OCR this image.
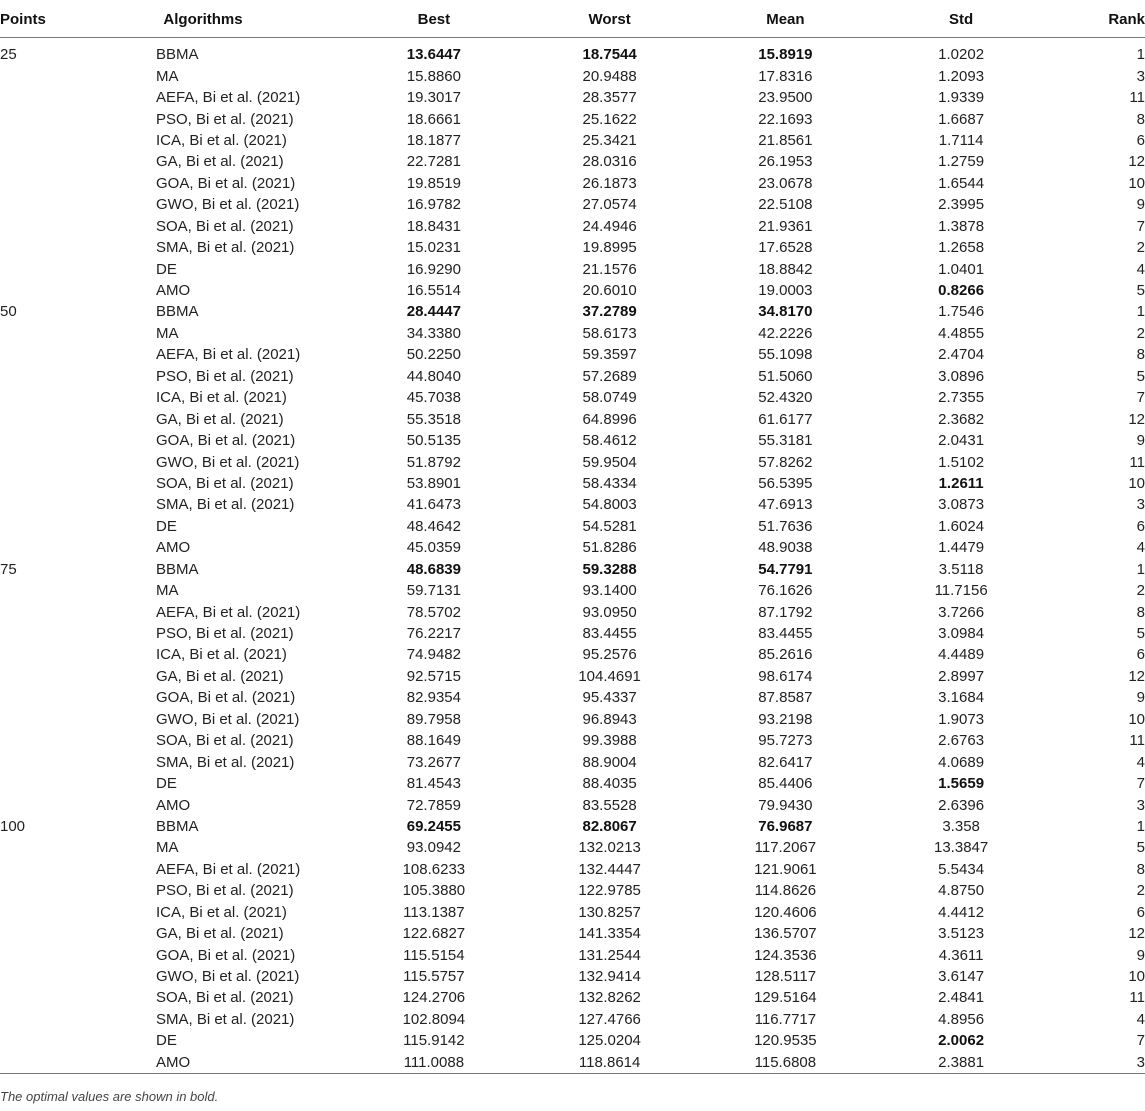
Points	Algorithms	Best	Worst	Mean	Std	Rank
25	BBMA	13.6447	18.7544	15.8919	1.0202	1
	MA	15.8860	20.9488	17.8316	1.2093	3
	AEFA, Bi et al. (2021)	19.3017	28.3577	23.9500	1.9339	11
	PSO, Bi et al. (2021)	18.6661	25.1622	22.1693	1.6687	8
	ICA, Bi et al. (2021)	18.1877	25.3421	21.8561	1.7114	6
	GA, Bi et al. (2021)	22.7281	28.0316	26.1953	1.2759	12
	GOA, Bi et al. (2021)	19.8519	26.1873	23.0678	1.6544	10
	GWO, Bi et al. (2021)	16.9782	27.0574	22.5108	2.3995	9
	SOA, Bi et al. (2021)	18.8431	24.4946	21.9361	1.3878	7
	SMA, Bi et al. (2021)	15.0231	19.8995	17.6528	1.2658	2
	DE	16.9290	21.1576	18.8842	1.0401	4
	AMO	16.5514	20.6010	19.0003	0.8266	5
50	BBMA	28.4447	37.2789	34.8170	1.7546	1
	MA	34.3380	58.6173	42.2226	4.4855	2
	AEFA, Bi et al. (2021)	50.2250	59.3597	55.1098	2.4704	8
	PSO, Bi et al. (2021)	44.8040	57.2689	51.5060	3.0896	5
	ICA, Bi et al. (2021)	45.7038	58.0749	52.4320	2.7355	7
	GA, Bi et al. (2021)	55.3518	64.8996	61.6177	2.3682	12
	GOA, Bi et al. (2021)	50.5135	58.4612	55.3181	2.0431	9
	GWO, Bi et al. (2021)	51.8792	59.9504	57.8262	1.5102	11
	SOA, Bi et al. (2021)	53.8901	58.4334	56.5395	1.2611	10
	SMA, Bi et al. (2021)	41.6473	54.8003	47.6913	3.0873	3
	DE	48.4642	54.5281	51.7636	1.6024	6
	AMO	45.0359	51.8286	48.9038	1.4479	4
75	BBMA	48.6839	59.3288	54.7791	3.5118	1
	MA	59.7131	93.1400	76.1626	11.7156	2
	AEFA, Bi et al. (2021)	78.5702	93.0950	87.1792	3.7266	8
	PSO, Bi et al. (2021)	76.2217	83.4455	83.4455	3.0984	5
	ICA, Bi et al. (2021)	74.9482	95.2576	85.2616	4.4489	6
	GA, Bi et al. (2021)	92.5715	104.4691	98.6174	2.8997	12
	GOA, Bi et al. (2021)	82.9354	95.4337	87.8587	3.1684	9
	GWO, Bi et al. (2021)	89.7958	96.8943	93.2198	1.9073	10
	SOA, Bi et al. (2021)	88.1649	99.3988	95.7273	2.6763	11
	SMA, Bi et al. (2021)	73.2677	88.9004	82.6417	4.0689	4
	DE	81.4543	88.4035	85.4406	1.5659	7
	AMO	72.7859	83.5528	79.9430	2.6396	3
100	BBMA	69.2455	82.8067	76.9687	3.358	1
	MA	93.0942	132.0213	117.2067	13.3847	5
	AEFA, Bi et al. (2021)	108.6233	132.4447	121.9061	5.5434	8
	PSO, Bi et al. (2021)	105.3880	122.9785	114.8626	4.8750	2
	ICA, Bi et al. (2021)	113.1387	130.8257	120.4606	4.4412	6
	GA, Bi et al. (2021)	122.6827	141.3354	136.5707	3.5123	12
	GOA, Bi et al. (2021)	115.5154	131.2544	124.3536	4.3611	9
	GWO, Bi et al. (2021)	115.5757	132.9414	128.5117	3.6147	10
	SOA, Bi et al. (2021)	124.2706	132.8262	129.5164	2.4841	11
	SMA, Bi et al. (2021)	102.8094	127.4766	116.7717	4.8956	4
	DE	115.9142	125.0204	120.9535	2.0062	7
	AMO	111.0088	118.8614	115.6808	2.3881	3
The optimal values are shown in bold.
